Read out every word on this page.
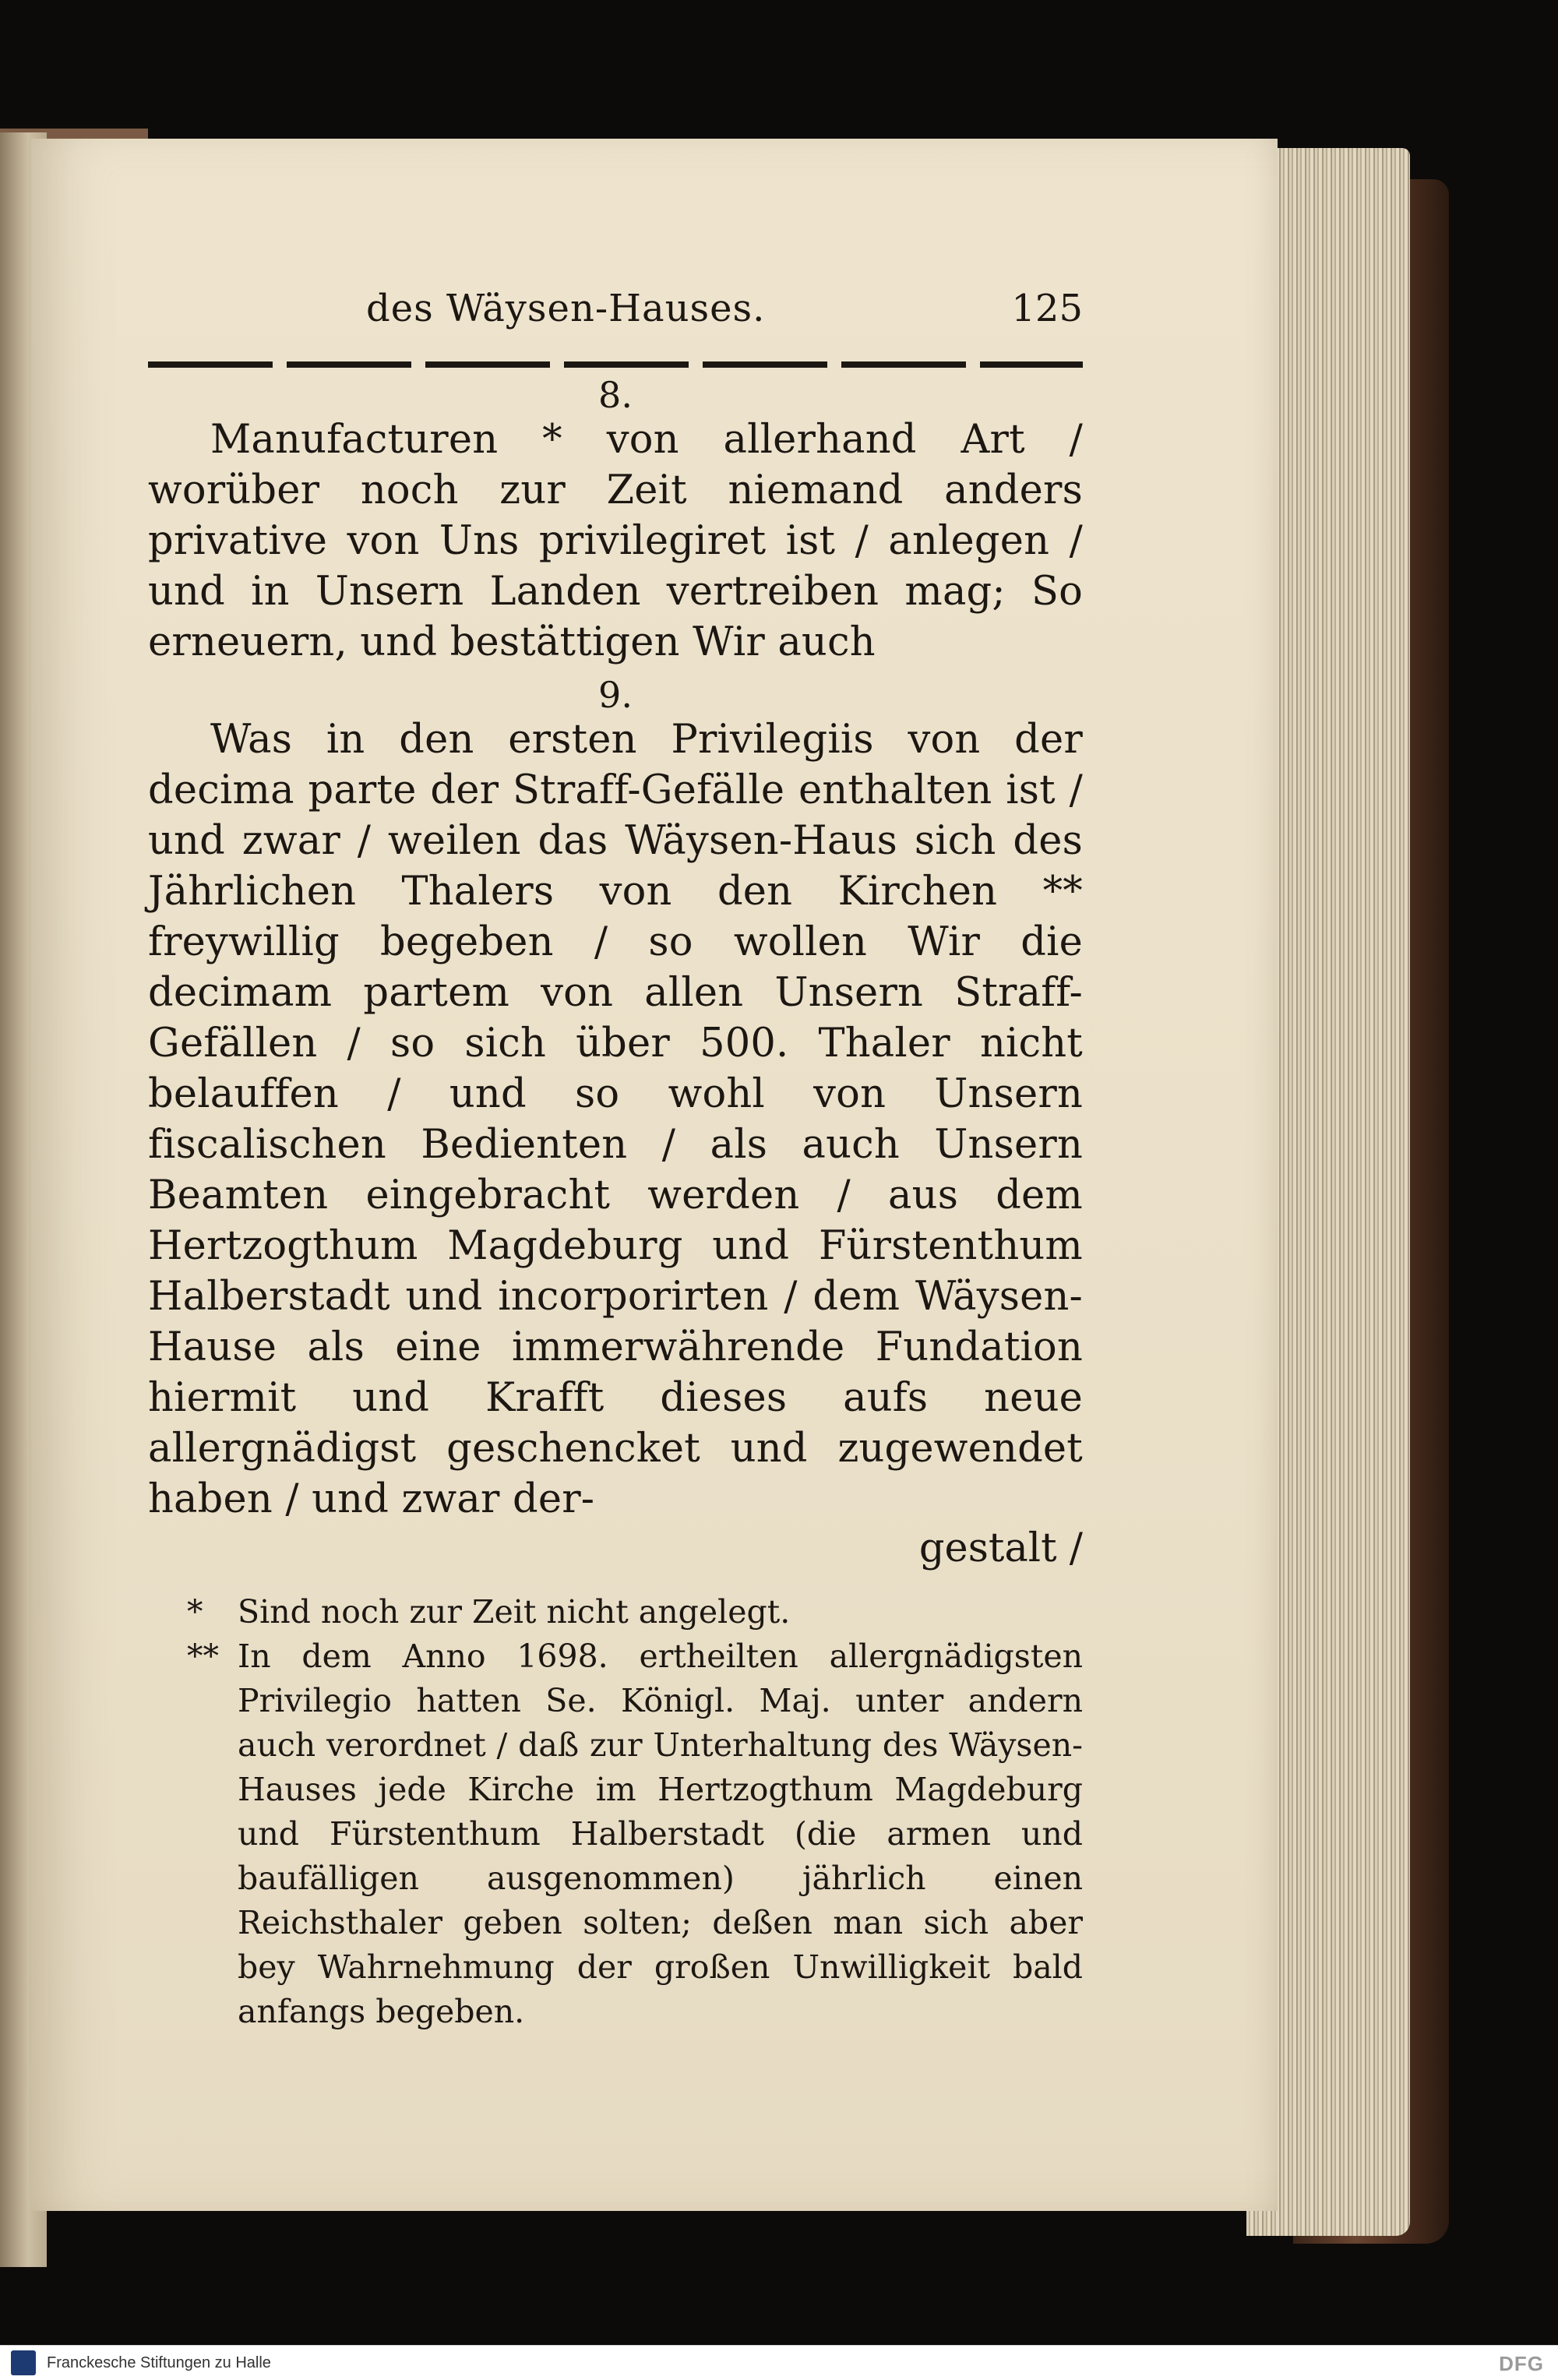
des Wäysen-Hauses.	125
8.

Manufacturen * von allerhand Art / worüber noch zur Zeit niemand anders privative von Uns privilegiret ist / anlegen / und in Unsern Landen vertreiben mag; So erneuern, und bestättigen Wir auch

9.

Was in den ersten Privilegiis von der decima parte der Straff-Gefälle enthalten ist / und zwar / weilen das Wäysen-Haus sich des Jährlichen Thalers von den Kirchen ** freywillig begeben / so wollen Wir die decimam partem von allen Unsern Straff-Gefällen / so sich über 500. Thaler nicht belauffen / und so wohl von Unsern fiscalischen Bedienten / als auch Unsern Beamten eingebracht werden / aus dem Hertzogthum Magdeburg und Fürstenthum Halberstadt und incorporirten / dem Wäysen-Hause als eine immerwährende Fundation hiermit und Krafft dieses aufs neue allergnädigst geschencket und zugewendet haben / und zwar der-

gestalt /

* Sind noch zur Zeit nicht angelegt.

** In dem Anno 1698. ertheilten allergnädigsten Privilegio hatten Se. Königl. Maj. unter andern auch verordnet / daß zur Unterhaltung des Wäysen-Hauses jede Kirche im Hertzogthum Magdeburg und Fürstenthum Halberstadt (die armen und baufälligen ausgenommen) jährlich einen Reichsthaler geben solten; deßen man sich aber bey Wahrnehmung der großen Unwilligkeit bald anfangs begeben.

Franckesche Stiftungen zu Halle	DFG
